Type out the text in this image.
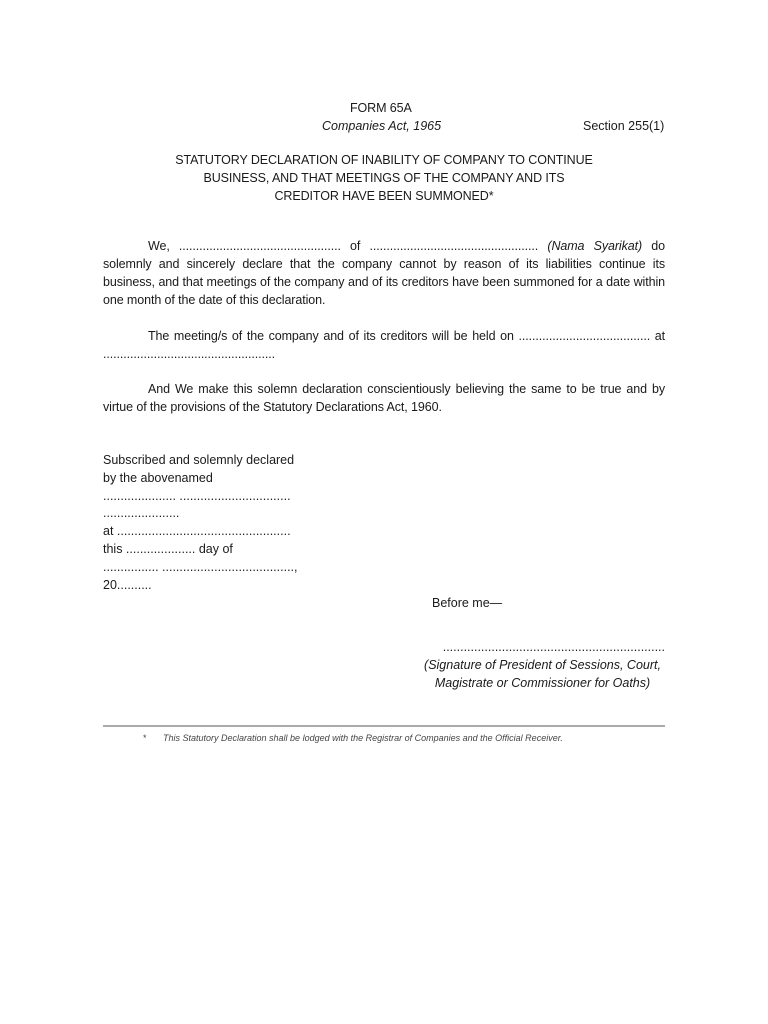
FORM 65A

Companies Act, 1965	Section 255(1)

STATUTORY DECLARATION OF INABILITY OF COMPANY TO CONTINUE
BUSINESS, AND THAT MEETINGS OF THE COMPANY AND ITS
CREDITOR HAVE BEEN SUMMONED*

We, ................................................ of .................................................. (Nama Syarikat) do solemnly and sincerely declare that the company cannot by reason of its liabilities continue its business, and that meetings of the company and of its creditors have been summoned for a date within one month of the date of this declaration.

The meeting/s of the company and of its creditors will be held on ....................................... at ...................................................

And We make this solemn declaration conscientiously believing the same to be true and by virtue of the provisions of the Statutory Declarations Act, 1960.

Subscribed and solemnly declared
by the abovenamed
..................... ................................
......................
at ..................................................
this .................... day of
................ ......................................,
20..........

Before me—

................................................................
(Signature of President of Sessions, Court, Magistrate or Commissioner for Oaths)

* This Statutory Declaration shall be lodged with the Registrar of Companies and the Official Receiver.
